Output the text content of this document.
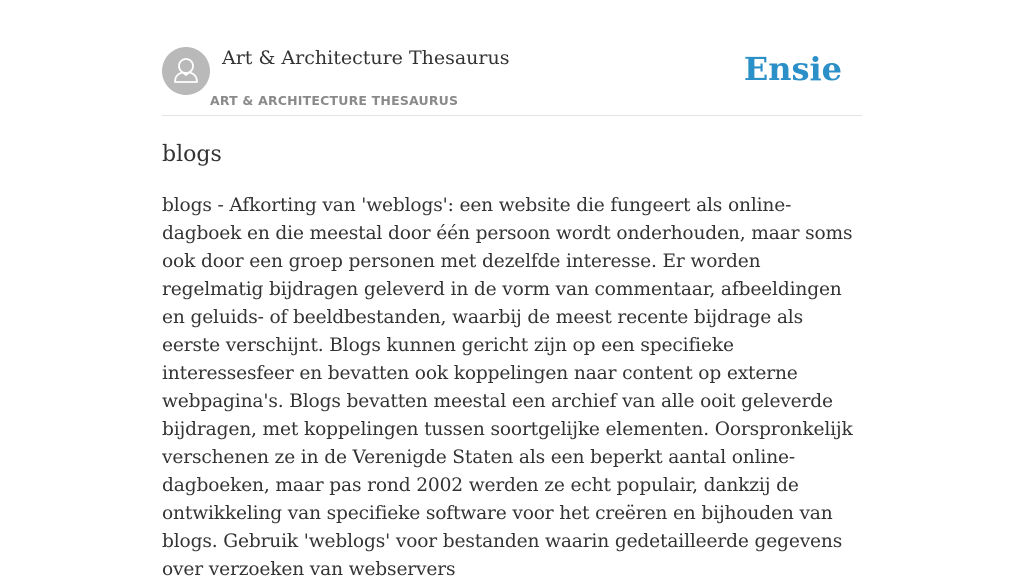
Art & Architecture Thesaurus
ART & ARCHITECTURE THESAURUS
Ensie
blogs

blogs - Afkorting van 'weblogs': een website die fungeert als online-dagboek en die meestal door één persoon wordt onderhouden, maar soms ook door een groep personen met dezelfde interesse. Er worden regelmatig bijdragen geleverd in de vorm van commentaar, afbeeldingen en geluids- of beeldbestanden, waarbij de meest recente bijdrage als eerste verschijnt. Blogs kunnen gericht zijn op een specifieke interessesfeer en bevatten ook koppelingen naar content op externe webpagina's. Blogs bevatten meestal een archief van alle ooit geleverde bijdragen, met koppelingen tussen soortgelijke elementen. Oorspronkelijk verschenen ze in de Verenigde Staten als een beperkt aantal online-dagboeken, maar pas rond 2002 werden ze echt populair, dankzij de ontwikkeling van specifieke software voor het creëren en bijhouden van blogs. Gebruik 'weblogs' voor bestanden waarin gedetailleerde gegevens over verzoeken van webservers
